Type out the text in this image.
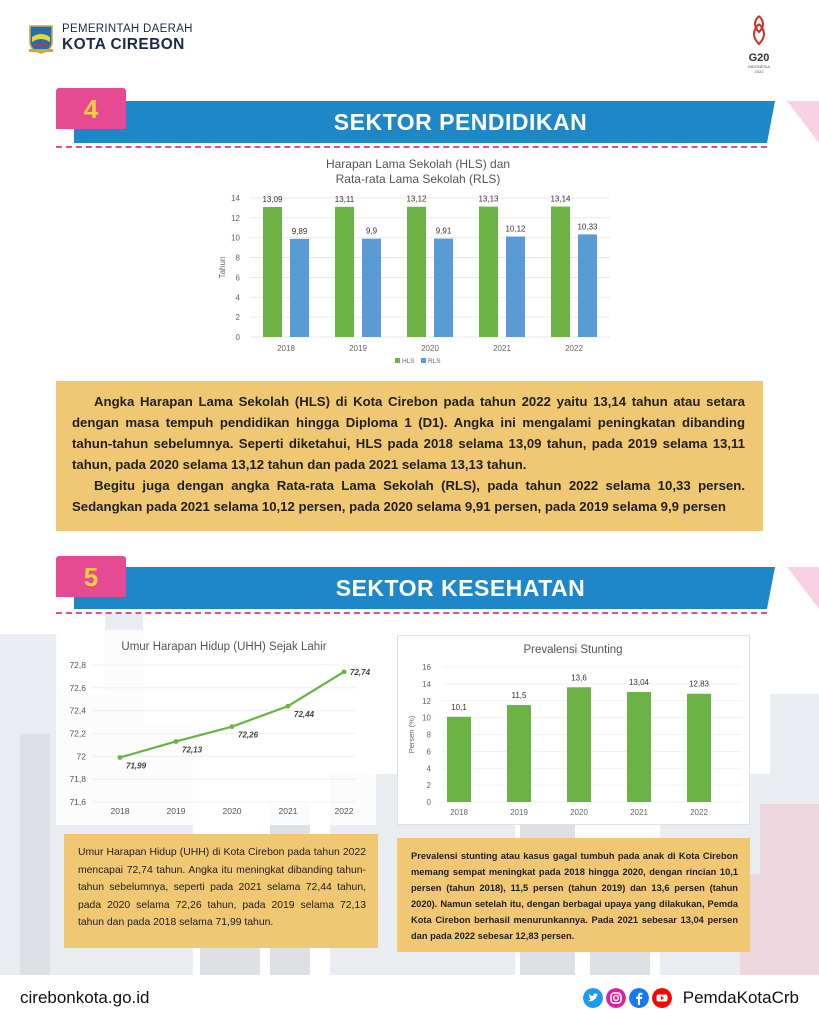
PEMERINTAH DAERAH
KOTA CIREBON
G20
INDONESIA
2022
4	SEKTOR PENDIDIKAN
Harapan Lama Sekolah (HLS) dan
Rata-rata Lama Sekolah (RLS)
0
2
4
6
8
10
12
14
Tahun
13,09
9,89
2018
13,11
9,9
2019
13,12
9,91
2020
13,13
10,12
2021
13,14
10,33
2022
HLS RLS

Angka Harapan Lama Sekolah (HLS) di Kota Cirebon pada tahun 2022 yaitu 13,14 tahun atau setara dengan masa tempuh pendidikan hingga Diploma 1 (D1). Angka ini mengalami peningkatan dibanding tahun-tahun sebelumnya. Seperti diketahui, HLS pada 2018 selama 13,09 tahun, pada 2019 selama 13,11 tahun, pada 2020 selama 13,12 tahun dan pada 2021 selama 13,13 tahun.

Begitu juga dengan angka Rata-rata Lama Sekolah (RLS), pada tahun 2022 selama 10,33 persen. Sedangkan pada 2021 selama 10,12 persen, pada 2020 selama 9,91 persen, pada 2019 selama 9,9 persen

5	SEKTOR KESEHATAN
Umur Harapan Hidup (UHH) Sejak Lahir
71,6
71,8
72
72,2
72,4
72,6
72,8
71,99
2018
72,13
2019
72,26
2020
72,44
2021
72,74
2022
Prevalensi Stunting
0
2
4
6
8
10
12
14
16
Persen (%)
10,1
2018
11,5
2019
13,6
2020
13,04
2021
12,83
2022

Umur Harapan Hidup (UHH) di Kota Cirebon pada tahun 2022 mencapai 72,74 tahun. Angka itu meningkat dibanding tahun-tahun sebelumnya, seperti pada 2021 selama 72,44 tahun, pada 2020 selama 72,26 tahun, pada 2019 selama 72,13 tahun dan pada 2018 selama 71,99 tahun.

Prevalensi stunting atau kasus gagal tumbuh pada anak di Kota Cirebon memang sempat meningkat pada 2018 hingga 2020, dengan rincian 10,1 persen (tahun 2018), 11,5 persen (tahun 2019) dan 13,6 persen (tahun 2020). Namun setelah itu, dengan berbagai upaya yang dilakukan, Pemda Kota Cirebon berhasil menurunkannya. Pada 2021 sebesar 13,04 persen dan pada 2022 sebesar 12,83 persen.

cirebonkota.go.id	PemdaKotaCrb
